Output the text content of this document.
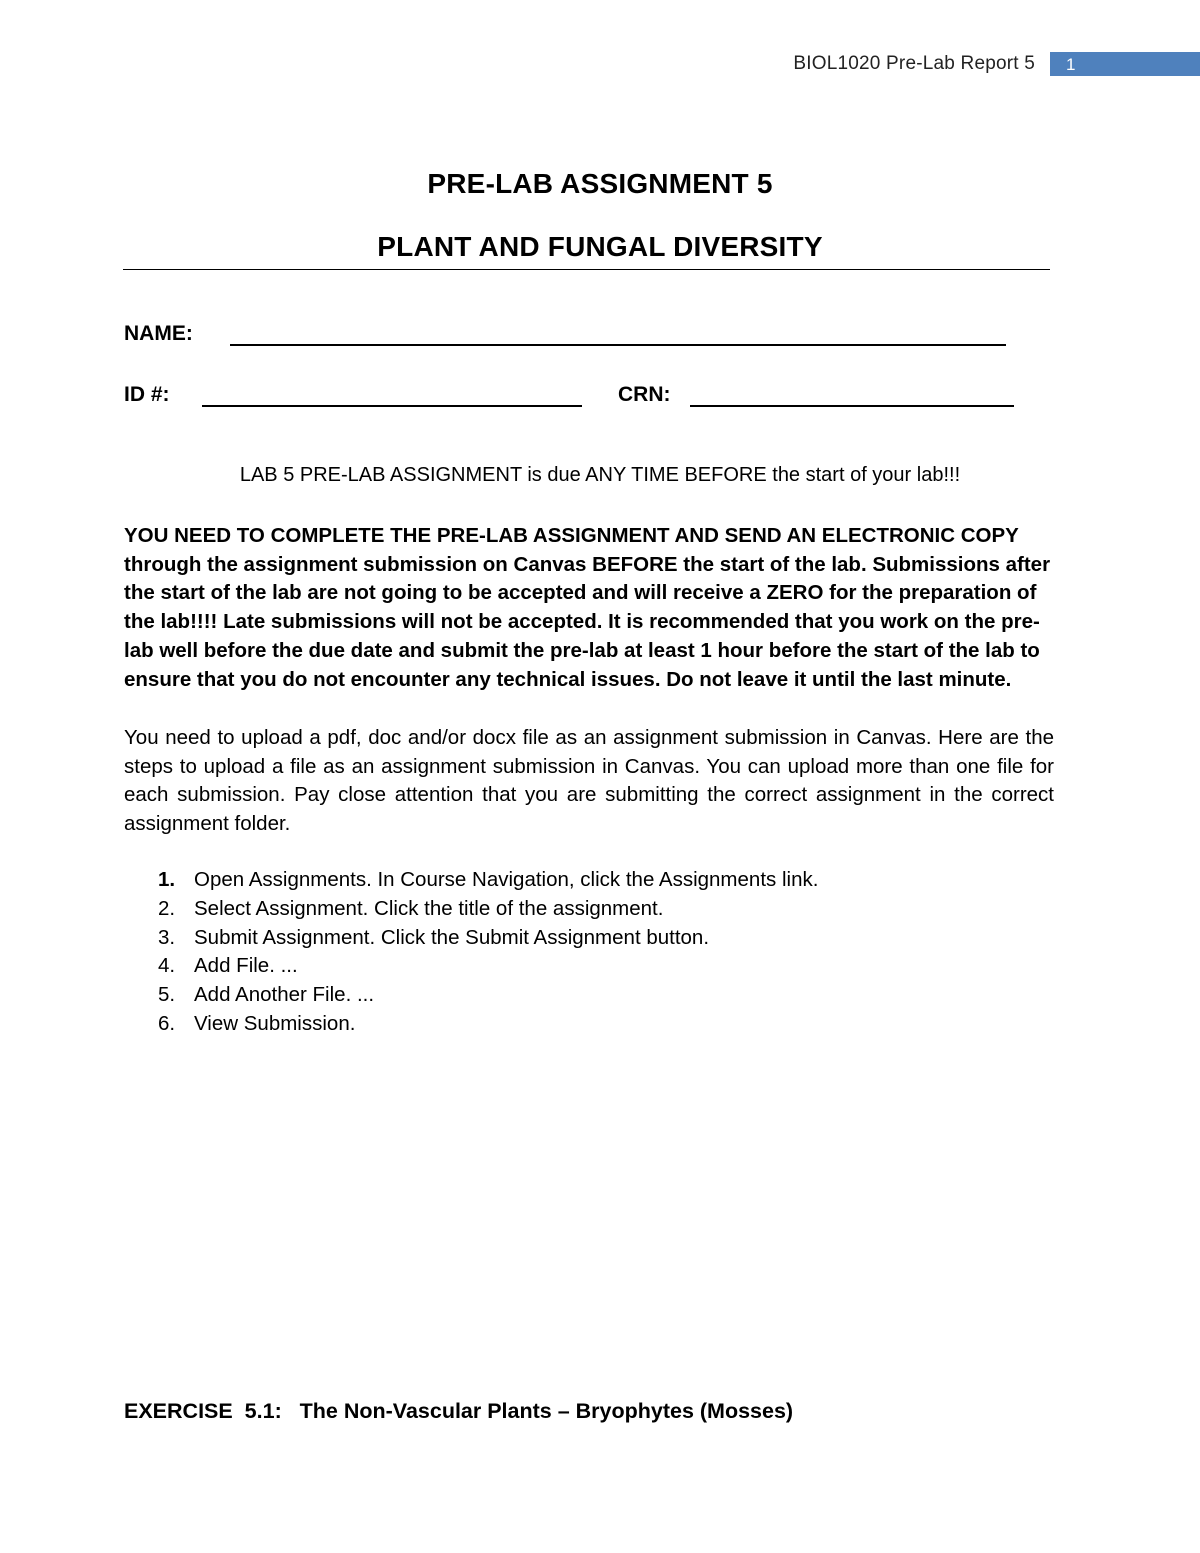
BIOL1020 Pre-Lab Report 5	1
PRE-LAB ASSIGNMENT 5
PLANT AND FUNGAL DIVERSITY
NAME:
ID #:	CRN:
LAB 5 PRE-LAB ASSIGNMENT is due ANY TIME BEFORE the start of your lab!!!
YOU NEED TO COMPLETE THE PRE-LAB ASSIGNMENT AND SEND AN ELECTRONIC COPY through the assignment submission on Canvas BEFORE the start of the lab. Submissions after the start of the lab are not going to be accepted and will receive a ZERO for the preparation of the lab!!!! Late submissions will not be accepted. It is recommended that you work on the pre-lab well before the due date and submit the pre-lab at least 1 hour before the start of the lab to ensure that you do not encounter any technical issues. Do not leave it until the last minute.
You need to upload a pdf, doc and/or docx file as an assignment submission in Canvas. Here are the steps to upload a file as an assignment submission in Canvas. You can upload more than one file for each submission. Pay close attention that you are submitting the correct assignment in the correct assignment folder.
1. Open Assignments. In Course Navigation, click the Assignments link.
2. Select Assignment. Click the title of the assignment.
3. Submit Assignment. Click the Submit Assignment button.
4. Add File. ...
5. Add Another File. ...
6. View Submission.
EXERCISE  5.1:   The Non-Vascular Plants – Bryophytes (Mosses)
